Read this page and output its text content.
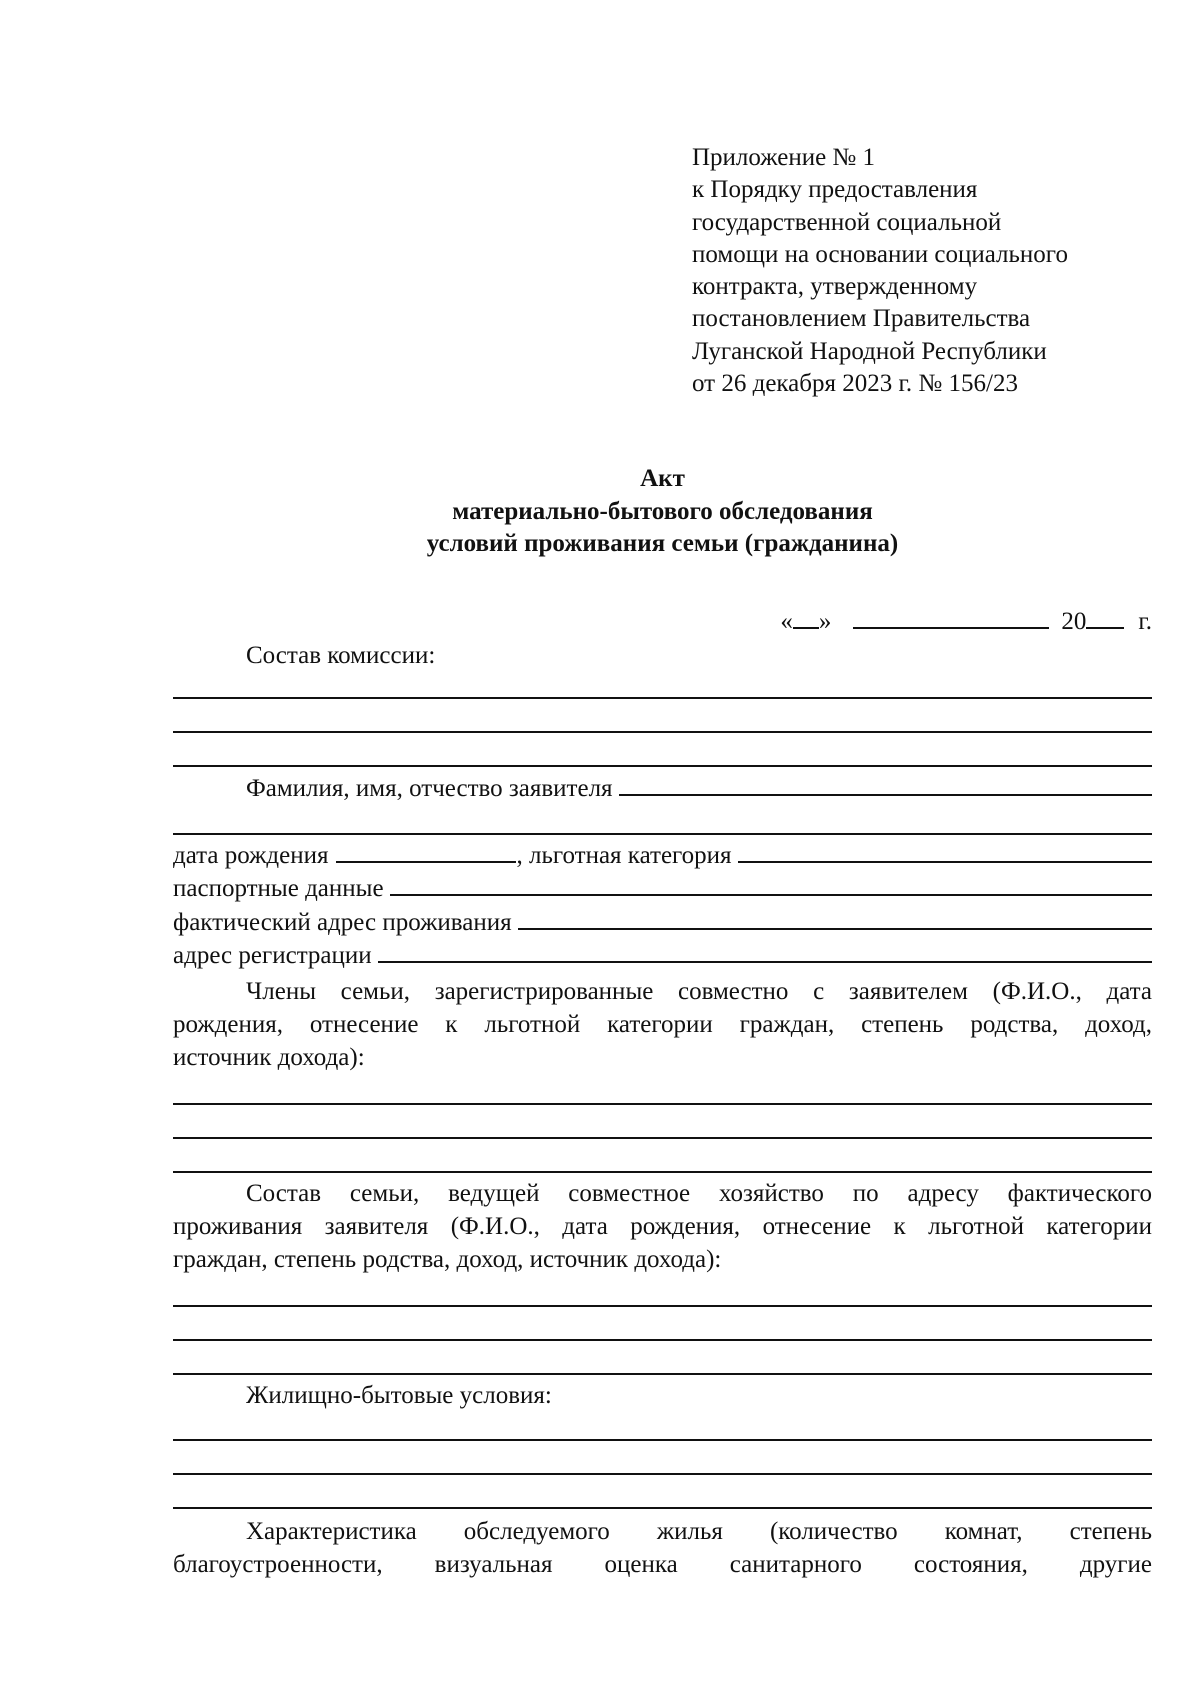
Приложение № 1
к Порядку предоставления
государственной социальной
помощи на основании социального
контракта, утвержденному
постановлением Правительства
Луганской Народной Республики
от 26 декабря 2023 г. № 156/23
Акт
материально-бытового обследования
условий проживания семьи (гражданина)
« »	20 г.
Состав комиссии:
Фамилия, имя, отчество заявителя
дата рождения	, льготная категория
паспортные данные
фактический адрес проживания
адрес регистрации
Члены семьи, зарегистрированные совместно с заявителем (Ф.И.О., дата
рождения, отнесение к льготной категории граждан, степень родства, доход,
источник дохода):
Состав семьи, ведущей совместное хозяйство по адресу фактического
проживания заявителя (Ф.И.О., дата рождения, отнесение к льготной категории
граждан, степень родства, доход, источник дохода):
Жилищно-бытовые условия:
Характеристика обследуемого жилья (количество комнат, степень
благоустроенности, визуальная оценка санитарного состояния, другие
